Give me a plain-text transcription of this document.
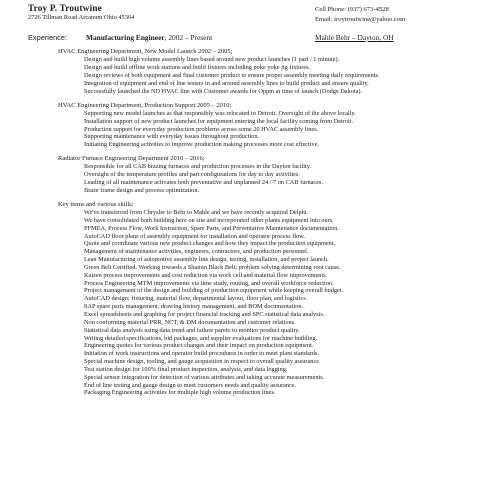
Troy P. Troutwine
2726 Tillman Road Arcanum Ohio 45304
Cell Phone: (937) 673-4528
Email: troytroutwine@yahoo.com
Experience:	Manufacturing Engineer, 2002 – Present	Mahle Behr – Dayton, OH
HVAC Engineering Department, New Model Launch 2002 – 2005;
Design and build high volume assembly lines based around new product launches (1 part / 1 minute).
Design and build offline work stations and build fixtures including poke yoke jig fixtures.
Design reviews of both equipment and final customer product to ensure proper assembly meeting daily requirements.
Integration of equipment and end of line testers in and around assembly lines to build product and ensure quality.
Successfully launched the ND HVAC line with Customer awards for Oppm at time of launch (Dodge Dakota).
HVAC Engineering Department, Production Support 2005 – 2010;
Supporting new model launches as that responsibly was relocated to Detroit. Oversight of the above locally.
Installation support of new product launches for equipment entering the local facility coming from Detroit.
Production support for everyday production problems across some 20 HVAC assembly lines.
Supporting maintenance with everyday issues throughout production.
Initiating Engineering activities to improve production making processes more cost effective.
Radiator Furnace Engineering Department 2010 – 2016;
Responsible for all CAB brazing furnaces and production processes in the Dayton facility.
Oversight of the temperature profiles and part configurations for day to day activities.
Leading of all maintenance activates both preventative and unplanned 24 / 7 on CAB furnaces.
Braze frame design and process optimization.
Key items and various skills;
We've transferred from Chrysler to Behr to Mahle and we have recently acquired Delphi.
We have consolidated both building here on site and incorporated other plants equipment into ours.
PFMEA, Process Flow, Work Instruction, Spare Parts, and Preventative Maintenance documentation.
AutoCAD floor plans of assembly equipment for installation and operator process flow.
Quote and coordinate various new product changes and how they impact the production equipment.
Management of maintenance activities, engineers, contractors, and production personnel.
Lean Manufacturing of automotive assembly line design, testing, installation, and project launch.
Green Belt Certified. Working towards a Shamin Black Belt; problem solving determining root cause.
Kaizen process improvements and cost reduction via work cell and material flow improvements.
Process Engineering MTM improvements via time study, routing, and overall workforce reduction.
Project management of the design and building of production equipment while keeping overall budget.
AutoCAD design; fixturing, material flow, departmental layout, floor plan, and logistics.
SAP spare parts management, drawing history management, and BOM documentation.
Excel spreadsheets and graphing for project financial tracking and SPC statistical data analysis.
Non conforming material PRR, NCT, & DM documentation and customer relations.
Statistical data analysis using data trend and failure pareto to monitor product quality.
Writing detailed specifications, bid packages, and supplier evaluations for machine building.
Engineering quotes for various product changes and their impact on production equipment.
Initiation of work instructions and operator build procedures in order to meet plant standards.
Special machine design, tooling, and gauge acquisition in respect to overall quality assurance.
Test station design for 100% final product inspection, analysis, and data logging.
Special sensor integration for detection of various attributes and taking accurate measurements.
End of line testing and gauge design to meet customers needs and quality assurance.
Packaging Engineering activities for multiple high volume production lines.
